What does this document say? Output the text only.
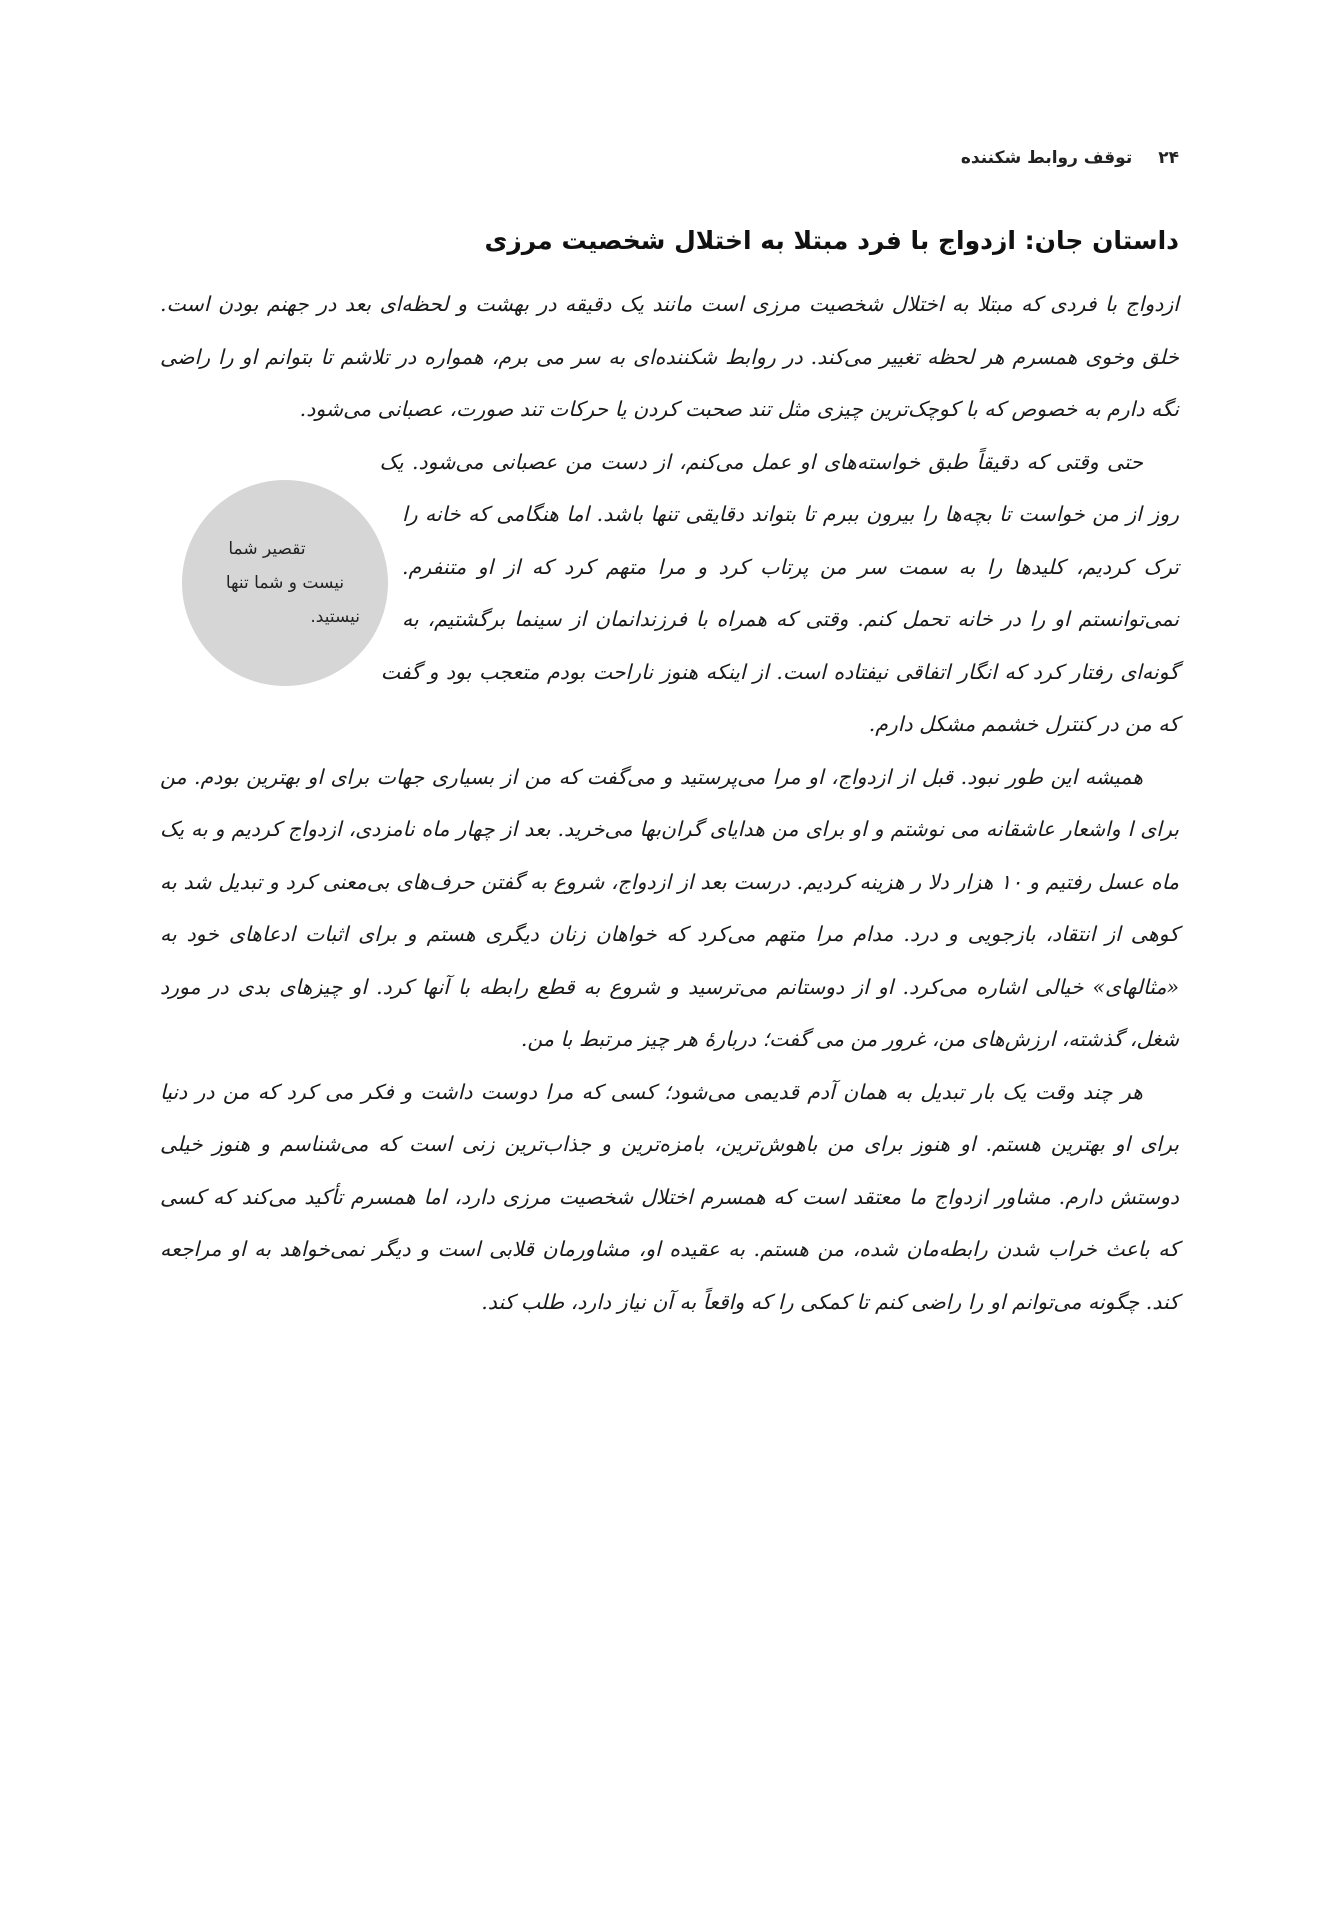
۲۴
توقف روابط شکننده
داستان جان: ازدواج با فرد مبتلا به اختلال شخصیت مرزی

ازدواج با فردی که مبتلا به اختلال شخصیت مرزی است مانند یک دقیقه در بهشت و لحظه‌ای بعد در جهنم بودن است. خلق وخوی همسرم هر لحظه تغییر می‌کند. در روابط شکننده‌ای به سر می برم، همواره در تلاشم تا بتوانم او را راضی نگه دارم به خصوص که با کوچک‌ترین چیزی مثل تند صحبت کردن یا حرکات تند صورت، عصبانی می‌شود.

تقصیر شما نیست و شما تنها نیستید.
حتی وقتی که دقیقاً طبق خواسته‌های او عمل می‌کنم، از دست من عصبانی می‌شود. یک روز از من خواست تا بچه‌ها را بیرون ببرم تا بتواند دقایقی تنها باشد. اما هنگامی که خانه را ترک کردیم، کلیدها را به سمت سر من پرتاب کرد و مرا متهم کرد که از او متنفرم. نمی‌توانستم او را در خانه تحمل کنم. وقتی که همراه با فرزندانمان از سینما برگشتیم، به گونه‌ای رفتار کرد که انگار اتفاقی نیفتاده است. از اینکه هنوز ناراحت بودم متعجب بود و گفت که من در کنترل خشمم مشکل دارم.

همیشه این طور نبود. قبل از ازدواج، او مرا می‌پرستید و می‌گفت که من از بسیاری جهات برای او بهترین بودم. من برای ا واشعار عاشقانه می نوشتم و او برای من هدایای گران‌بها می‌خرید. بعد از چهار ماه نامزدی، ازدواج کردیم و به یک ماه عسل رفتیم و ۱۰ هزار دلا ر هزینه کردیم. درست بعد از ازدواج، شروع به گفتن حرف‌های بی‌معنی کرد و تبدیل شد به کوهی از انتقاد، بازجویی و درد. مدام مرا متهم می‌کرد که خواهان زنان دیگری هستم و برای اثبات ادعاهای خود به «مثالهای» خیالی اشاره می‌کرد. او از دوستانم می‌ترسید و شروع به قطع رابطه با آنها کرد. او چیزهای بدی در مورد شغل، گذشته، ارزش‌های من، غرور من می گفت؛ دربارهٔ هر چیز مرتبط با من.

هر چند وقت یک بار تبدیل به همان آدم قدیمی می‌شود؛ کسی که مرا دوست داشت و فکر می کرد که من در دنیا برای او بهترین هستم. او هنوز برای من باهوش‌ترین، بامزه‌ترین و جذاب‌ترین زنی است که می‌شناسم و هنوز خیلی دوستش دارم. مشاور ازدواج ما معتقد است که همسرم اختلال شخصیت مرزی دارد، اما همسرم تأکید می‌کند که کسی که باعث خراب شدن رابطه‌مان شده، من هستم. به عقیده او، مشاورمان قلابی است و دیگر نمی‌خواهد به او مراجعه کند. چگونه می‌توانم او را راضی کنم تا کمکی را که واقعاً به آن نیاز دارد، طلب کند.
